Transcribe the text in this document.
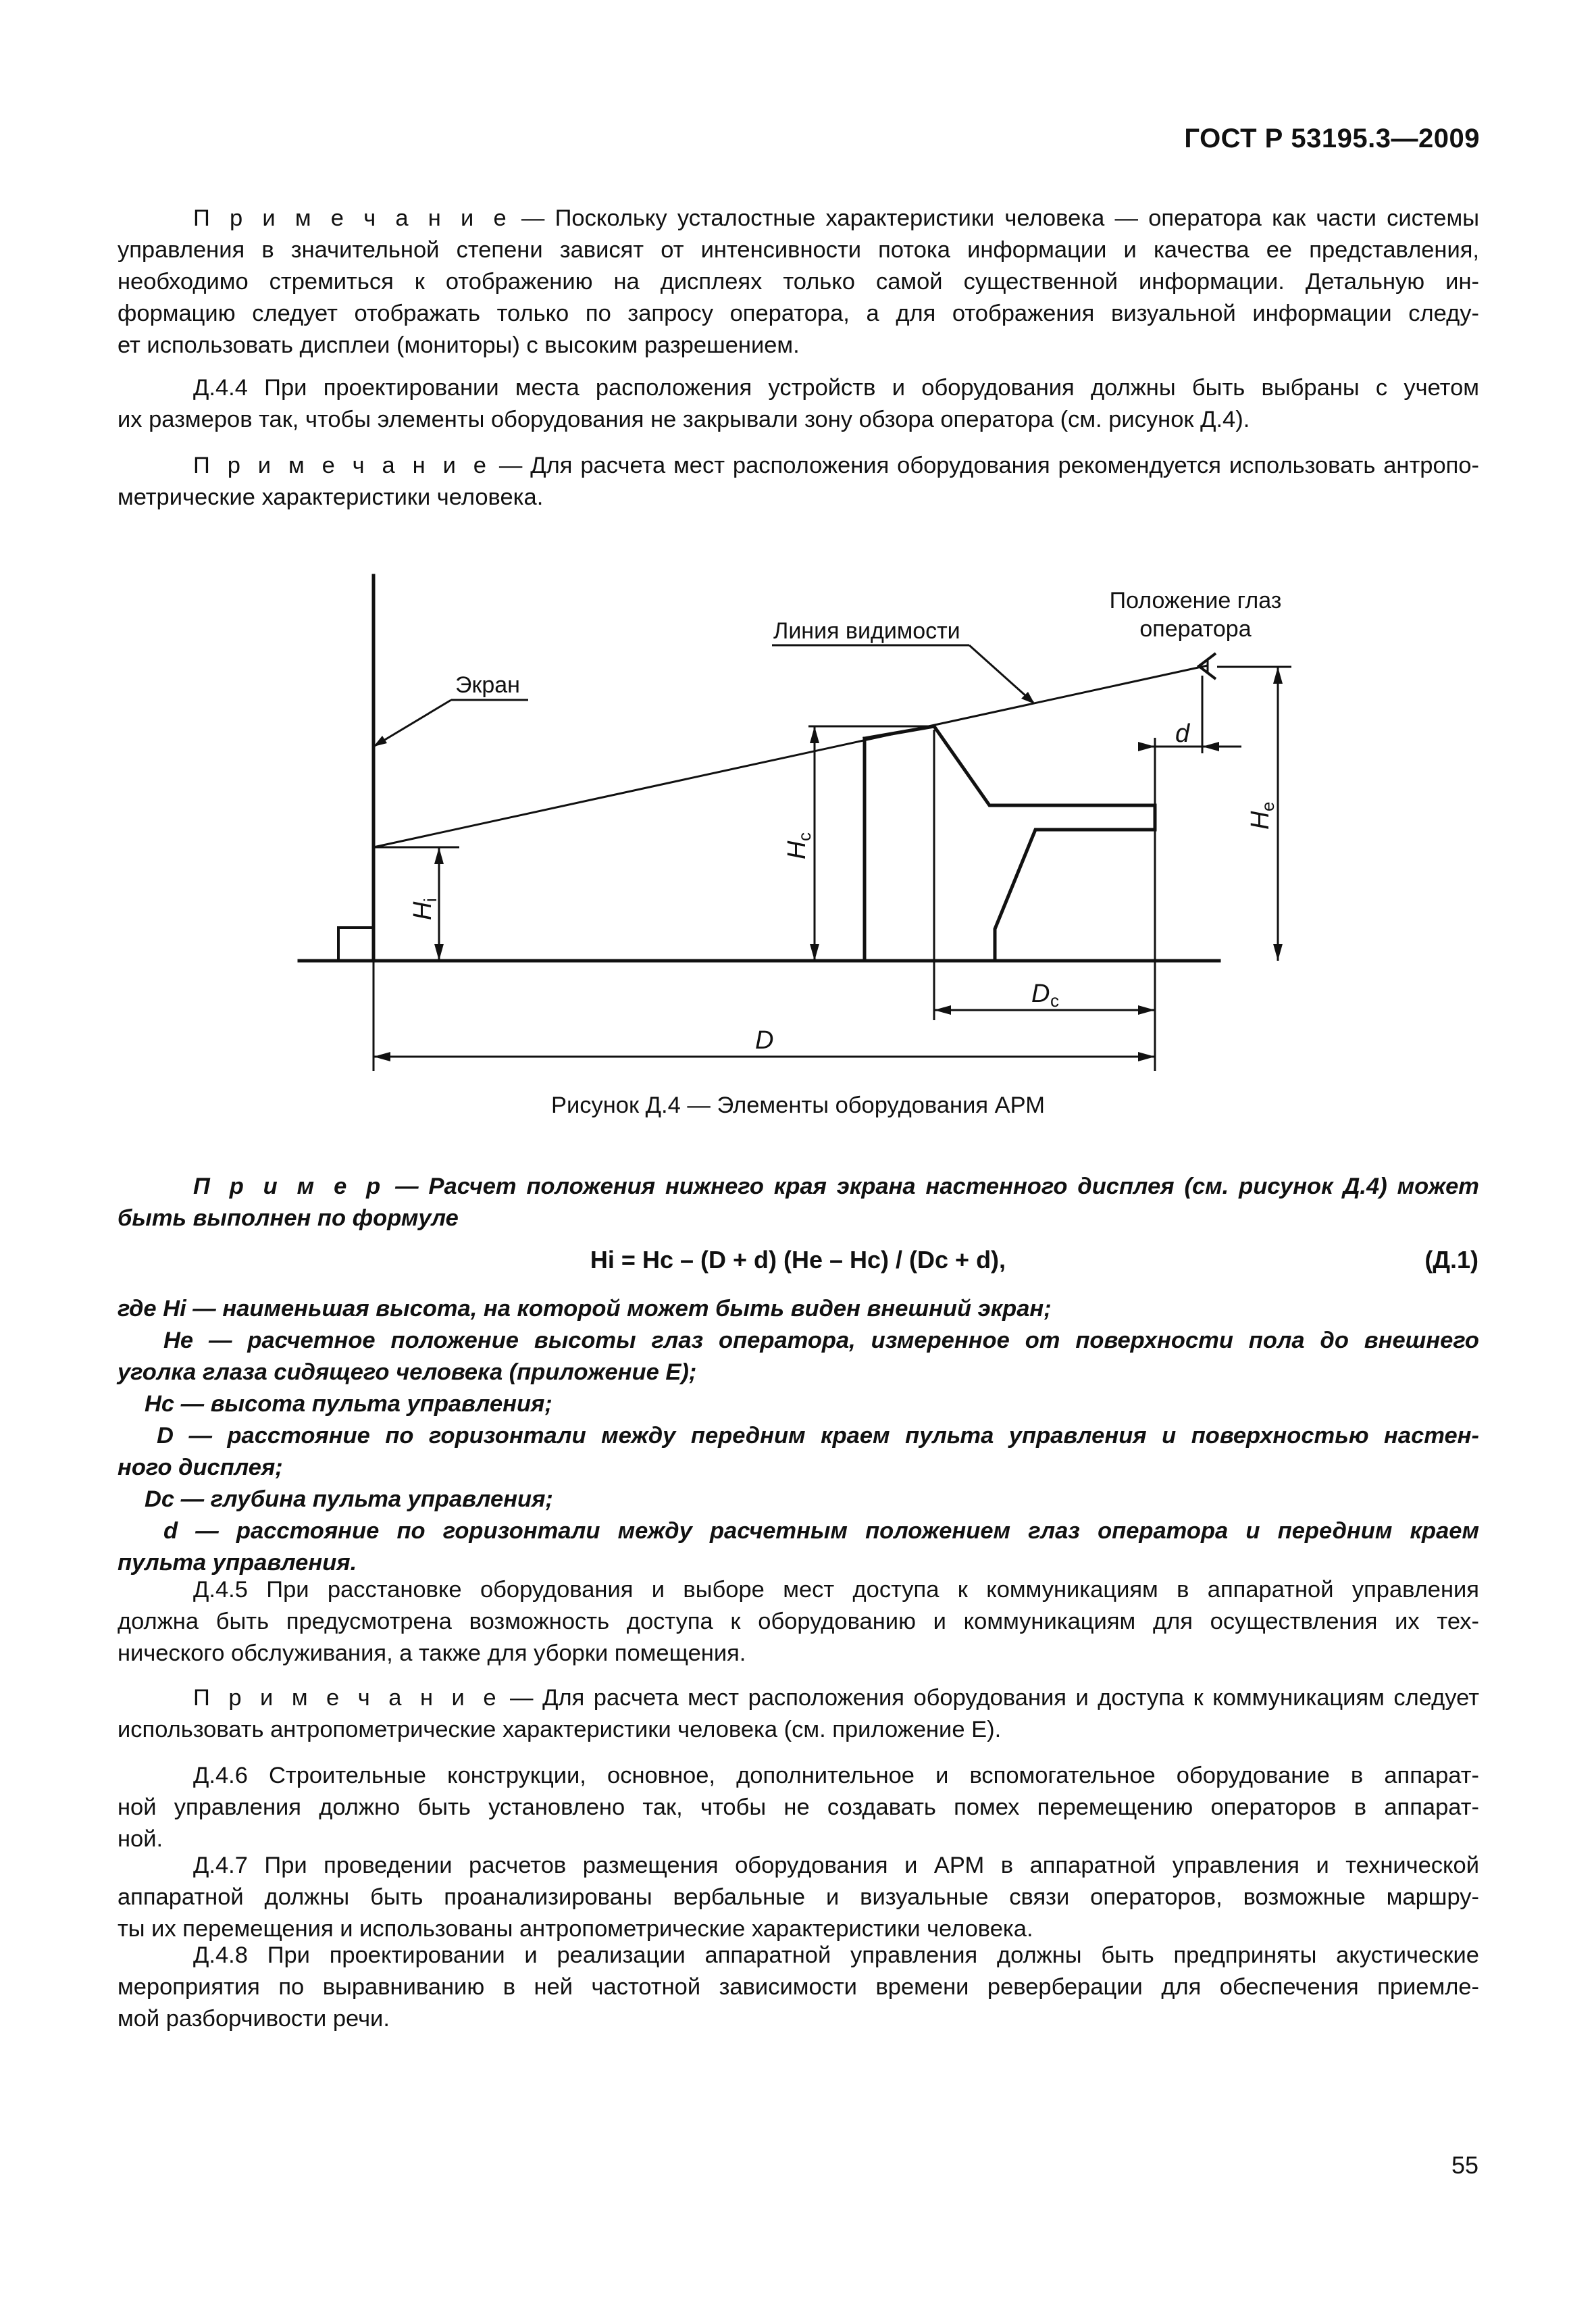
ГОСТ Р 53195.3—2009
П р и м е ч а н и е — Поскольку усталостные характеристики человека — оператора как части системы
управления в значительной степени зависят от интенсивности потока информации и качества ее представления,
необходимо стремиться к отображению на дисплеях только самой существенной информации. Детальную ин-
формацию следует отображать только по запросу оператора, а для отображения визуальной информации следу-
ет использовать дисплеи (мониторы) с высоким разрешением.
Д.4.4 При проектировании места расположения устройств и оборудования должны быть выбраны с учетом
их размеров так, чтобы элементы оборудования не закрывали зону обзора оператора (см. рисунок Д.4).
П р и м е ч а н и е — Для расчета мест расположения оборудования рекомендуется использовать антропо-
метрические характеристики человека.
Положение глаз
оператора
Линия видимости
Экран
d
H
e
H
c
H
i
D c
D
Рисунок Д.4 — Элементы оборудования АРМ
П р и м е р — Расчет положения нижнего края экрана настенного дисплея (см. рисунок Д.4) может
быть выполнен по формуле
Hi = Hc – (D + d) (He – Hc) / (Dc + d),	(Д.1)
где Hi — наименьшая высота, на которой может быть виден внешний экран;
He — расчетное положение высоты глаз оператора, измеренное от поверхности пола до внешнего
уголка глаза сидящего человека (приложение Е);
Hc — высота пульта управления;
D — расстояние по горизонтали между передним краем пульта управления и поверхностью настен-
ного дисплея;
Dc — глубина пульта управления;
d — расстояние по горизонтали между расчетным положением глаз оператора и передним краем
пульта управления.
Д.4.5 При расстановке оборудования и выборе мест доступа к коммуникациям в аппаратной управления
должна быть предусмотрена возможность доступа к оборудованию и коммуникациям для осуществления их тех-
нического обслуживания, а также для уборки помещения.
П р и м е ч а н и е — Для расчета мест расположения оборудования и доступа к коммуникациям следует
использовать антропометрические характеристики человека (см. приложение Е).
Д.4.6 Строительные конструкции, основное, дополнительное и вспомогательное оборудование в аппарат-
ной управления должно быть установлено так, чтобы не создавать помех перемещению операторов в аппарат-
ной.
Д.4.7 При проведении расчетов размещения оборудования и АРМ в аппаратной управления и технической
аппаратной должны быть проанализированы вербальные и визуальные связи операторов, возможные маршру-
ты их перемещения и использованы антропометрические характеристики человека.
Д.4.8 При проектировании и реализации аппаратной управления должны быть предприняты акустические
мероприятия по выравниванию в ней частотной зависимости времени реверберации для обеспечения приемле-
мой разборчивости речи.
55
